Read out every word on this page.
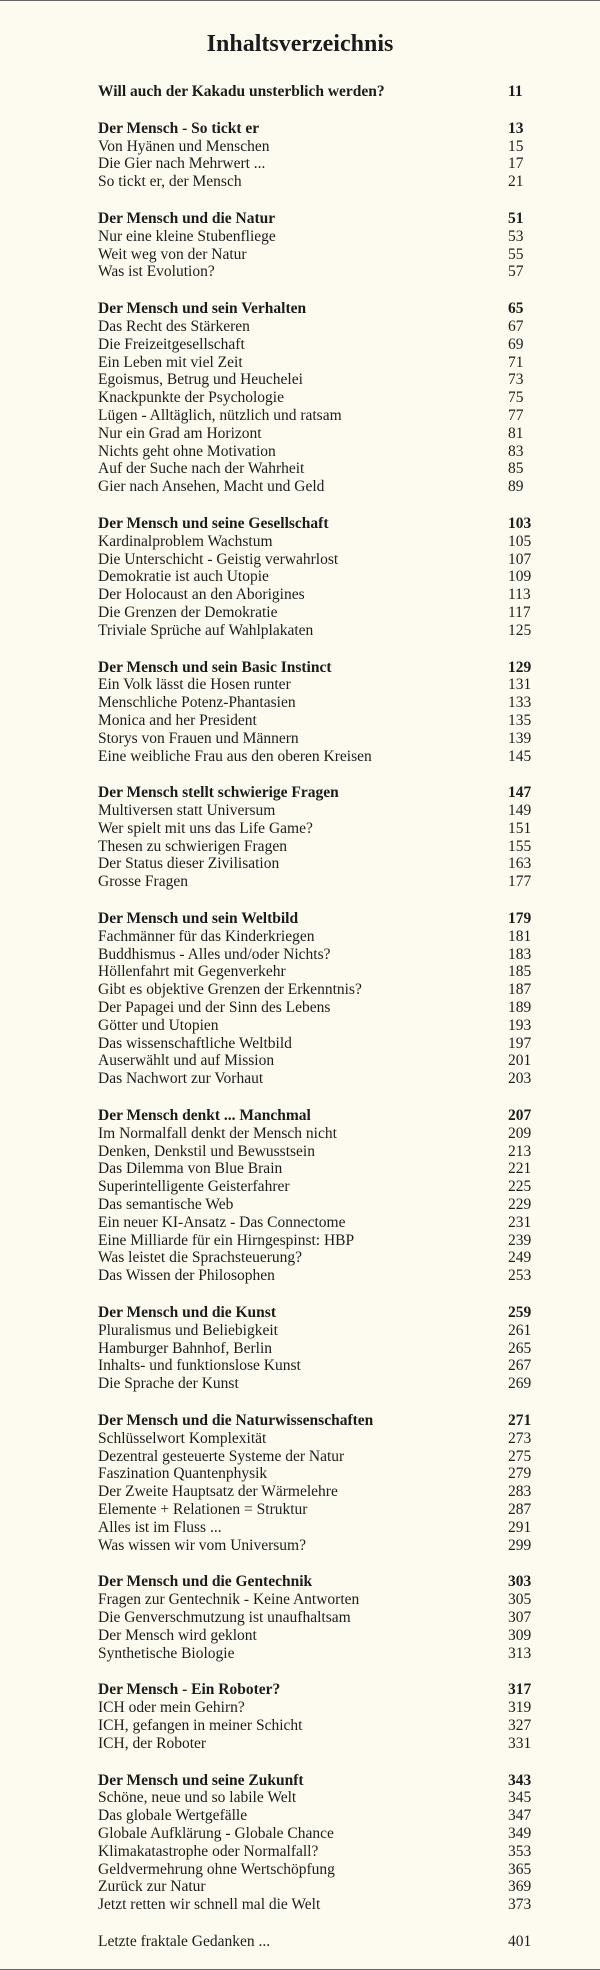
Inhaltsverzeichnis
Will auch der Kakadu unsterblich werden?	11
Der Mensch - So tickt er	13
Von Hyänen und Menschen	15
Die Gier nach Mehrwert ...	17
So tickt er, der Mensch	21
Der Mensch und die Natur	51
Nur eine kleine Stubenfliege	53
Weit weg von der Natur	55
Was ist Evolution?	57
Der Mensch und sein Verhalten	65
Das Recht des Stärkeren	67
Die Freizeitgesellschaft	69
Ein Leben mit viel Zeit	71
Egoismus, Betrug und Heuchelei	73
Knackpunkte der Psychologie	75
Lügen - Alltäglich, nützlich und ratsam	77
Nur ein Grad am Horizont	81
Nichts geht ohne Motivation	83
Auf der Suche nach der Wahrheit	85
Gier nach Ansehen, Macht und Geld	89
Der Mensch und seine Gesellschaft	103
Kardinalproblem Wachstum	105
Die Unterschicht - Geistig verwahrlost	107
Demokratie ist auch Utopie	109
Der Holocaust an den Aborigines	113
Die Grenzen der Demokratie	117
Triviale Sprüche auf Wahlplakaten	125
Der Mensch und sein Basic Instinct	129
Ein Volk lässt die Hosen runter	131
Menschliche Potenz-Phantasien	133
Monica and her President	135
Storys von Frauen und Männern	139
Eine weibliche Frau aus den oberen Kreisen	145
Der Mensch stellt schwierige Fragen	147
Multiversen statt Universum	149
Wer spielt mit uns das Life Game?	151
Thesen zu schwierigen Fragen	155
Der Status dieser Zivilisation	163
Grosse Fragen	177
Der Mensch und sein Weltbild	179
Fachmänner für das Kinderkriegen	181
Buddhismus - Alles und/oder Nichts?	183
Höllenfahrt mit Gegenverkehr	185
Gibt es objektive Grenzen der Erkenntnis?	187
Der Papagei und der Sinn des Lebens	189
Götter und Utopien	193
Das wissenschaftliche Weltbild	197
Auserwählt und auf Mission	201
Das Nachwort zur Vorhaut	203
Der Mensch denkt ... Manchmal	207
Im Normalfall denkt der Mensch nicht	209
Denken, Denkstil und Bewusstsein	213
Das Dilemma von Blue Brain	221
Superintelligente Geisterfahrer	225
Das semantische Web	229
Ein neuer KI-Ansatz - Das Connectome	231
Eine Milliarde für ein Hirngespinst: HBP	239
Was leistet die Sprachsteuerung?	249
Das Wissen der Philosophen	253
Der Mensch und die Kunst	259
Pluralismus und Beliebigkeit	261
Hamburger Bahnhof, Berlin	265
Inhalts- und funktionslose Kunst	267
Die Sprache der Kunst	269
Der Mensch und die Naturwissenschaften	271
Schlüsselwort Komplexität	273
Dezentral gesteuerte Systeme der Natur	275
Faszination Quantenphysik	279
Der Zweite Hauptsatz der Wärmelehre	283
Elemente + Relationen = Struktur	287
Alles ist im Fluss ...	291
Was wissen wir vom Universum?	299
Der Mensch und die Gentechnik	303
Fragen zur Gentechnik - Keine Antworten	305
Die Genverschmutzung ist unaufhaltsam	307
Der Mensch wird geklont	309
Synthetische Biologie	313
Der Mensch - Ein Roboter?	317
ICH oder mein Gehirn?	319
ICH, gefangen in meiner Schicht	327
ICH, der Roboter	331
Der Mensch und seine Zukunft	343
Schöne, neue und so labile Welt	345
Das globale Wertgefälle	347
Globale Aufklärung - Globale Chance	349
Klimakatastrophe oder Normalfall?	353
Geldvermehrung ohne Wertschöpfung	365
Zurück zur Natur	369
Jetzt retten wir schnell mal die Welt	373
Letzte fraktale Gedanken ...	401
